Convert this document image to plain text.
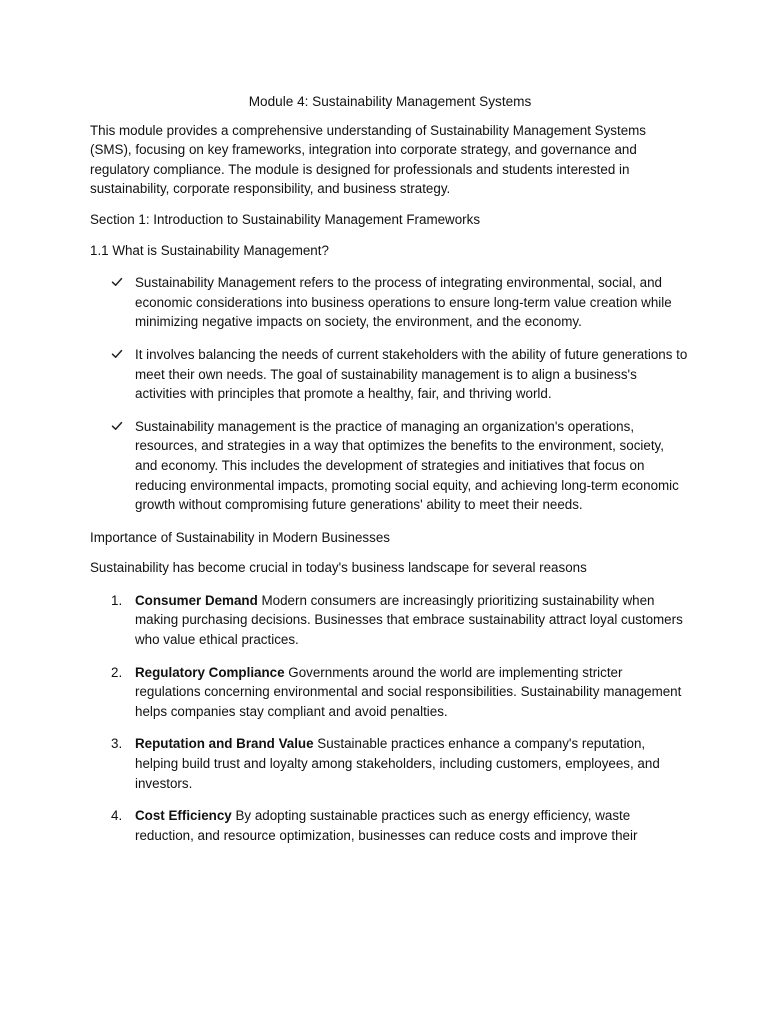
Module 4: Sustainability Management Systems

This module provides a comprehensive understanding of Sustainability Management Systems (SMS), focusing on key frameworks, integration into corporate strategy, and governance and regulatory compliance. The module is designed for professionals and students interested in sustainability, corporate responsibility, and business strategy.

Section 1: Introduction to Sustainability Management Frameworks

1.1 What is Sustainability Management?

Sustainability Management refers to the process of integrating environmental, social, and economic considerations into business operations to ensure long-term value creation while minimizing negative impacts on society, the environment, and the economy.
It involves balancing the needs of current stakeholders with the ability of future generations to meet their own needs. The goal of sustainability management is to align a business's activities with principles that promote a healthy, fair, and thriving world.
Sustainability management is the practice of managing an organization's operations, resources, and strategies in a way that optimizes the benefits to the environment, society, and economy. This includes the development of strategies and initiatives that focus on reducing environmental impacts, promoting social equity, and achieving long-term economic growth without compromising future generations' ability to meet their needs.

Importance of Sustainability in Modern Businesses

Sustainability has become crucial in today's business landscape for several reasons

1. Consumer Demand Modern consumers are increasingly prioritizing sustainability when making purchasing decisions. Businesses that embrace sustainability attract loyal customers who value ethical practices.
2. Regulatory Compliance Governments around the world are implementing stricter regulations concerning environmental and social responsibilities. Sustainability management helps companies stay compliant and avoid penalties.
3. Reputation and Brand Value Sustainable practices enhance a company's reputation, helping build trust and loyalty among stakeholders, including customers, employees, and investors.
4. Cost Efficiency By adopting sustainable practices such as energy efficiency, waste reduction, and resource optimization, businesses can reduce costs and improve their
